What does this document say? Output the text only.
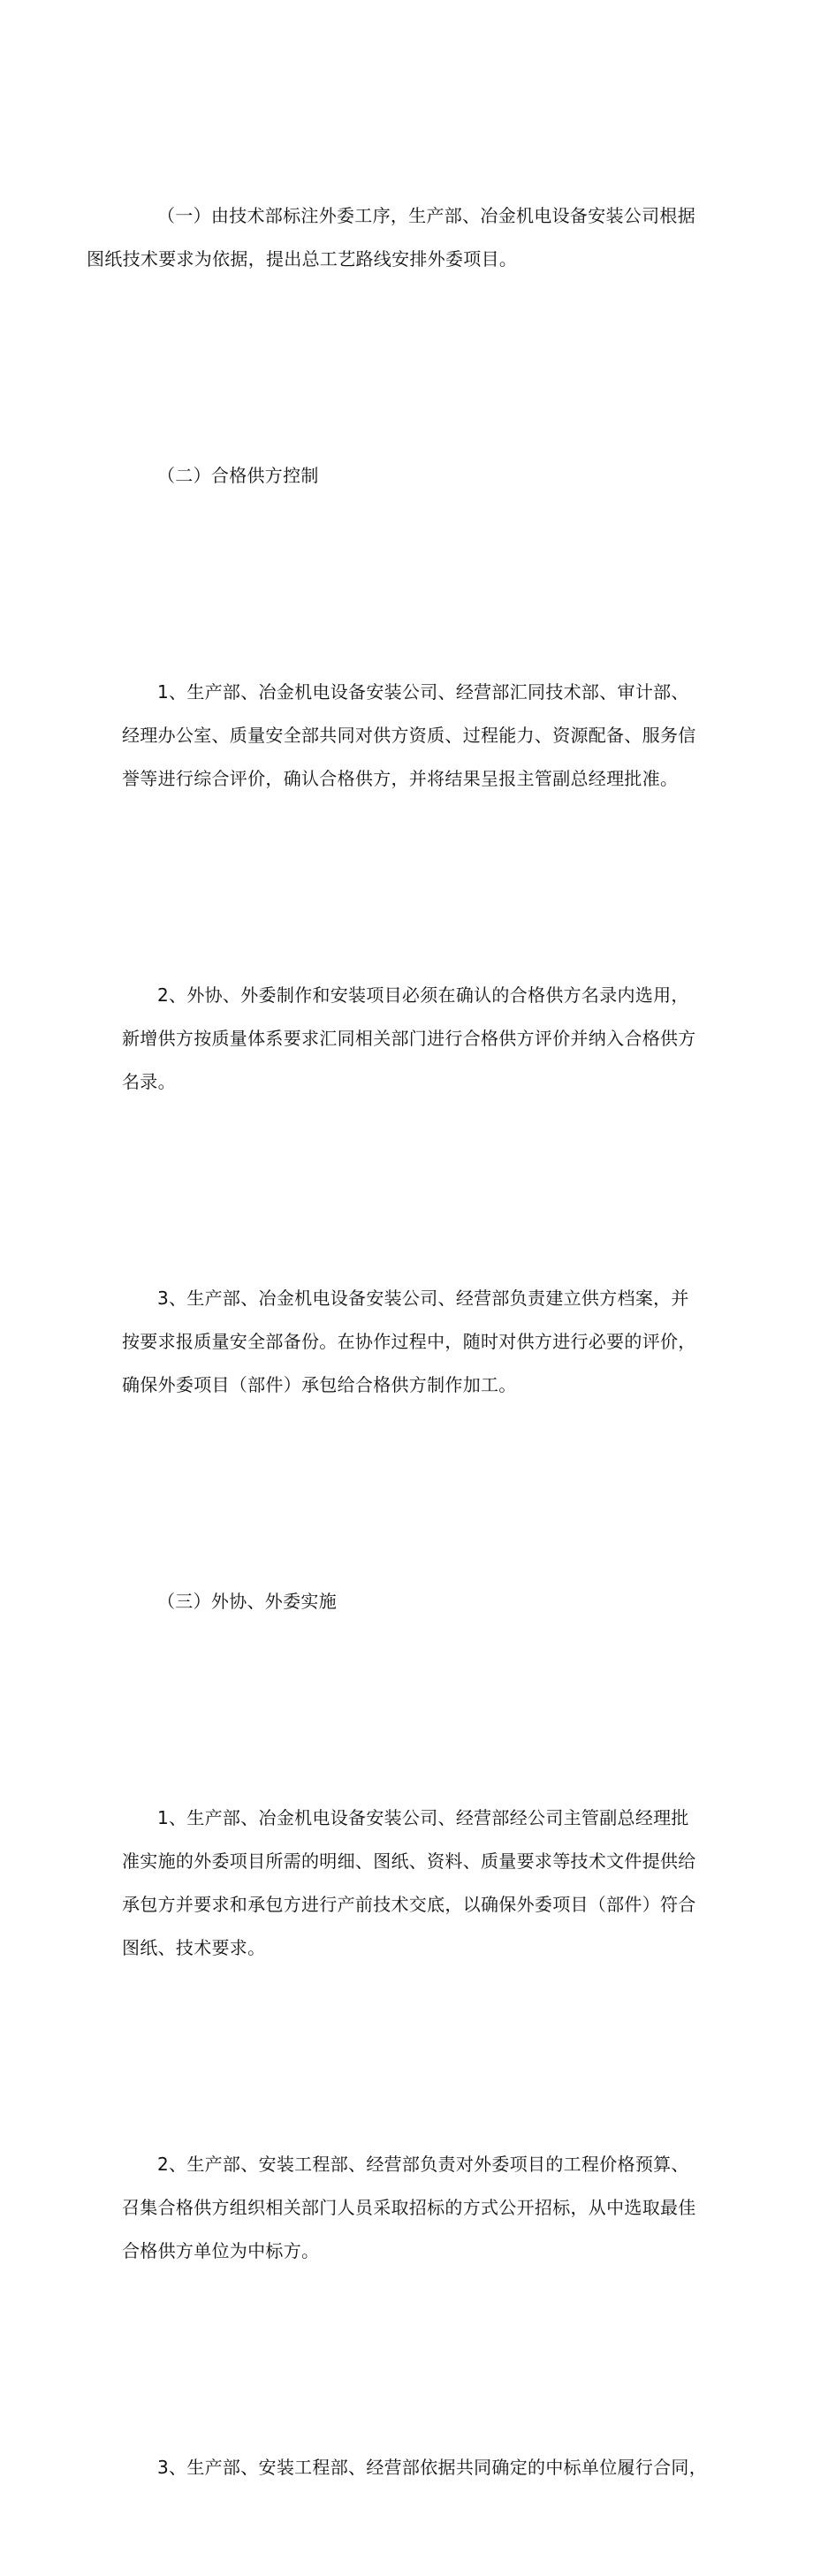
（一）由技术部标注外委工序，生产部、冶金机电设备安装公司根据
图纸技术要求为依据，提出总工艺路线安排外委项目。

（二）合格供方控制

1、生产部、冶金机电设备安装公司、经营部汇同技术部、审计部、
经理办公室、质量安全部共同对供方资质、过程能力、资源配备、服务信
誉等进行综合评价，确认合格供方，并将结果呈报主管副总经理批准。

2、外协、外委制作和安装项目必须在确认的合格供方名录内选用，
新增供方按质量体系要求汇同相关部门进行合格供方评价并纳入合格供方
名录。

3、生产部、冶金机电设备安装公司、经营部负责建立供方档案，并
按要求报质量安全部备份。在协作过程中，随时对供方进行必要的评价，
确保外委项目（部件）承包给合格供方制作加工。

（三）外协、外委实施

1、生产部、冶金机电设备安装公司、经营部经公司主管副总经理批
准实施的外委项目所需的明细、图纸、资料、质量要求等技术文件提供给
承包方并要求和承包方进行产前技术交底，以确保外委项目（部件）符合
图纸、技术要求。

2、生产部、安装工程部、经营部负责对外委项目的工程价格预算、
召集合格供方组织相关部门人员采取招标的方式公开招标，从中选取最佳
合格供方单位为中标方。

3、生产部、安装工程部、经营部依据共同确定的中标单位履行合同，
